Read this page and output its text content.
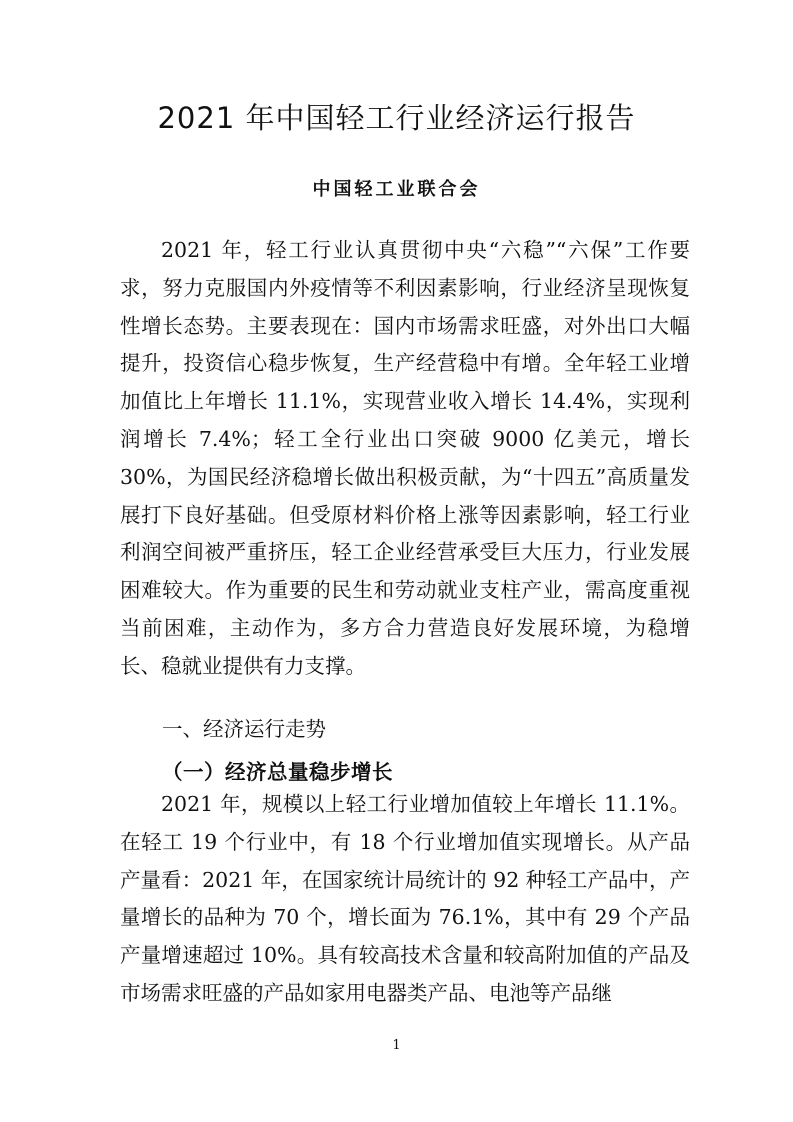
2021 年中国轻工行业经济运行报告
中国轻工业联合会
2021 年，轻工行业认真贯彻中央“六稳”“六保”工作要求，努力克服国内外疫情等不利因素影响，行业经济呈现恢复性增长态势。主要表现在：国内市场需求旺盛，对外出口大幅提升，投资信心稳步恢复，生产经营稳中有增。全年轻工业增加值比上年增长 11.1%，实现营业收入增长 14.4%，实现利润增长 7.4%；轻工全行业出口突破 9000 亿美元，增长 30%，为国民经济稳增长做出积极贡献，为“十四五”高质量发展打下良好基础。但受原材料价格上涨等因素影响，轻工行业利润空间被严重挤压，轻工企业经营承受巨大压力，行业发展困难较大。作为重要的民生和劳动就业支柱产业，需高度重视当前困难，主动作为，多方合力营造良好发展环境，为稳增长、稳就业提供有力支撑。
一、经济运行走势
（一）经济总量稳步增长
2021 年，规模以上轻工行业增加值较上年增长 11.1%。在轻工 19 个行业中，有 18 个行业增加值实现增长。从产品产量看：2021 年，在国家统计局统计的 92 种轻工产品中，产量增长的品种为 70 个，增长面为 76.1%，其中有 29 个产品产量增速超过 10%。具有较高技术含量和较高附加值的产品及市场需求旺盛的产品如家用电器类产品、电池等产品继
1
